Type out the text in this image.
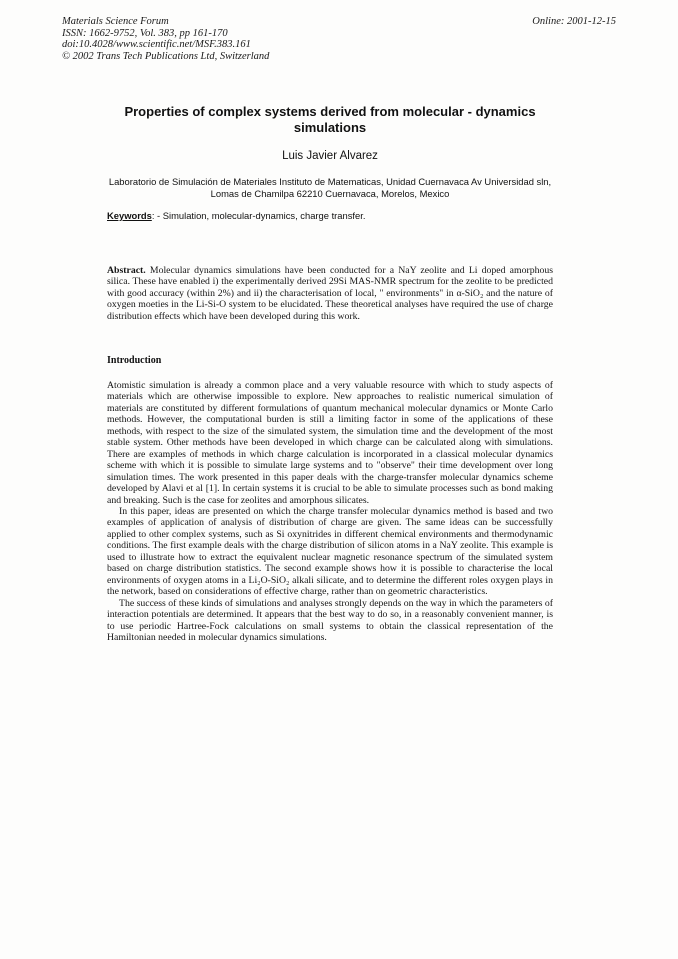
Materials Science Forum
ISSN: 1662-9752, Vol. 383, pp 161-170
doi:10.4028/www.scientific.net/MSF.383.161
© 2002 Trans Tech Publications Ltd, Switzerland
Online: 2001-12-15
Properties of complex systems derived from molecular - dynamics simulations
Luis Javier Alvarez
Laboratorio de Simulación de Materiales Instituto de Matematicas, Unidad Cuernavaca Av Universidad sln, Lomas de Chamilpa 62210 Cuernavaca, Morelos, Mexico
Keywords: - Simulation, molecular-dynamics, charge transfer.
Abstract. Molecular dynamics simulations have been conducted for a NaY zeolite and Li doped amorphous silica. These have enabled i) the experimentally derived 29Si MAS-NMR spectrum for the zeolite to be predicted with good accuracy (within 2%) and ii) the characterisation of local, " environments" in α-SiO₂ and the nature of oxygen moeties in the Li-Si-O system to be elucidated. These theoretical analyses have required the use of charge distribution effects which have been developed during this work.
Introduction

Atomistic simulation is already a common place and a very valuable resource with which to study aspects of materials which are otherwise impossible to explore. New approaches to realistic numerical simulation of materials are constituted by different formulations of quantum mechanical molecular dynamics or Monte Carlo methods. However, the computational burden is still a limiting factor in some of the applications of these methods, with respect to the size of the simulated system, the simulation time and the development of the most stable system. Other methods have been developed in which charge can be calculated along with simulations. There are examples of methods in which charge calculation is incorporated in a classical molecular dynamics scheme with which it is possible to simulate large systems and to "observe" their time development over long simulation times. The work presented in this paper deals with the charge-transfer molecular dynamics scheme developed by Alavi et al [1]. In certain systems it is crucial to be able to simulate processes such as bond making and breaking. Such is the case for zeolites and amorphous silicates.

In this paper, ideas are presented on which the charge transfer molecular dynamics method is based and two examples of application of analysis of distribution of charge are given. The same ideas can be successfully applied to other complex systems, such as Si oxynitrides in different chemical environments and thermodynamic conditions. The first example deals with the charge distribution of silicon atoms in a NaY zeolite. This example is used to illustrate how to extract the equivalent nuclear magnetic resonance spectrum of the simulated system based on charge distribution statistics. The second example shows how it is possible to characterise the local environments of oxygen atoms in a Li₂O-SiO₂ alkali silicate, and to determine the different roles oxygen plays in the network, based on considerations of effective charge, rather than on geometric characteristics.

The success of these kinds of simulations and analyses strongly depends on the way in which the parameters of interaction potentials are determined. It appears that the best way to do so, in a reasonably convenient manner, is to use periodic Hartree-Fock calculations on small systems to obtain the classical representation of the Hamiltonian needed in molecular dynamics simulations.
